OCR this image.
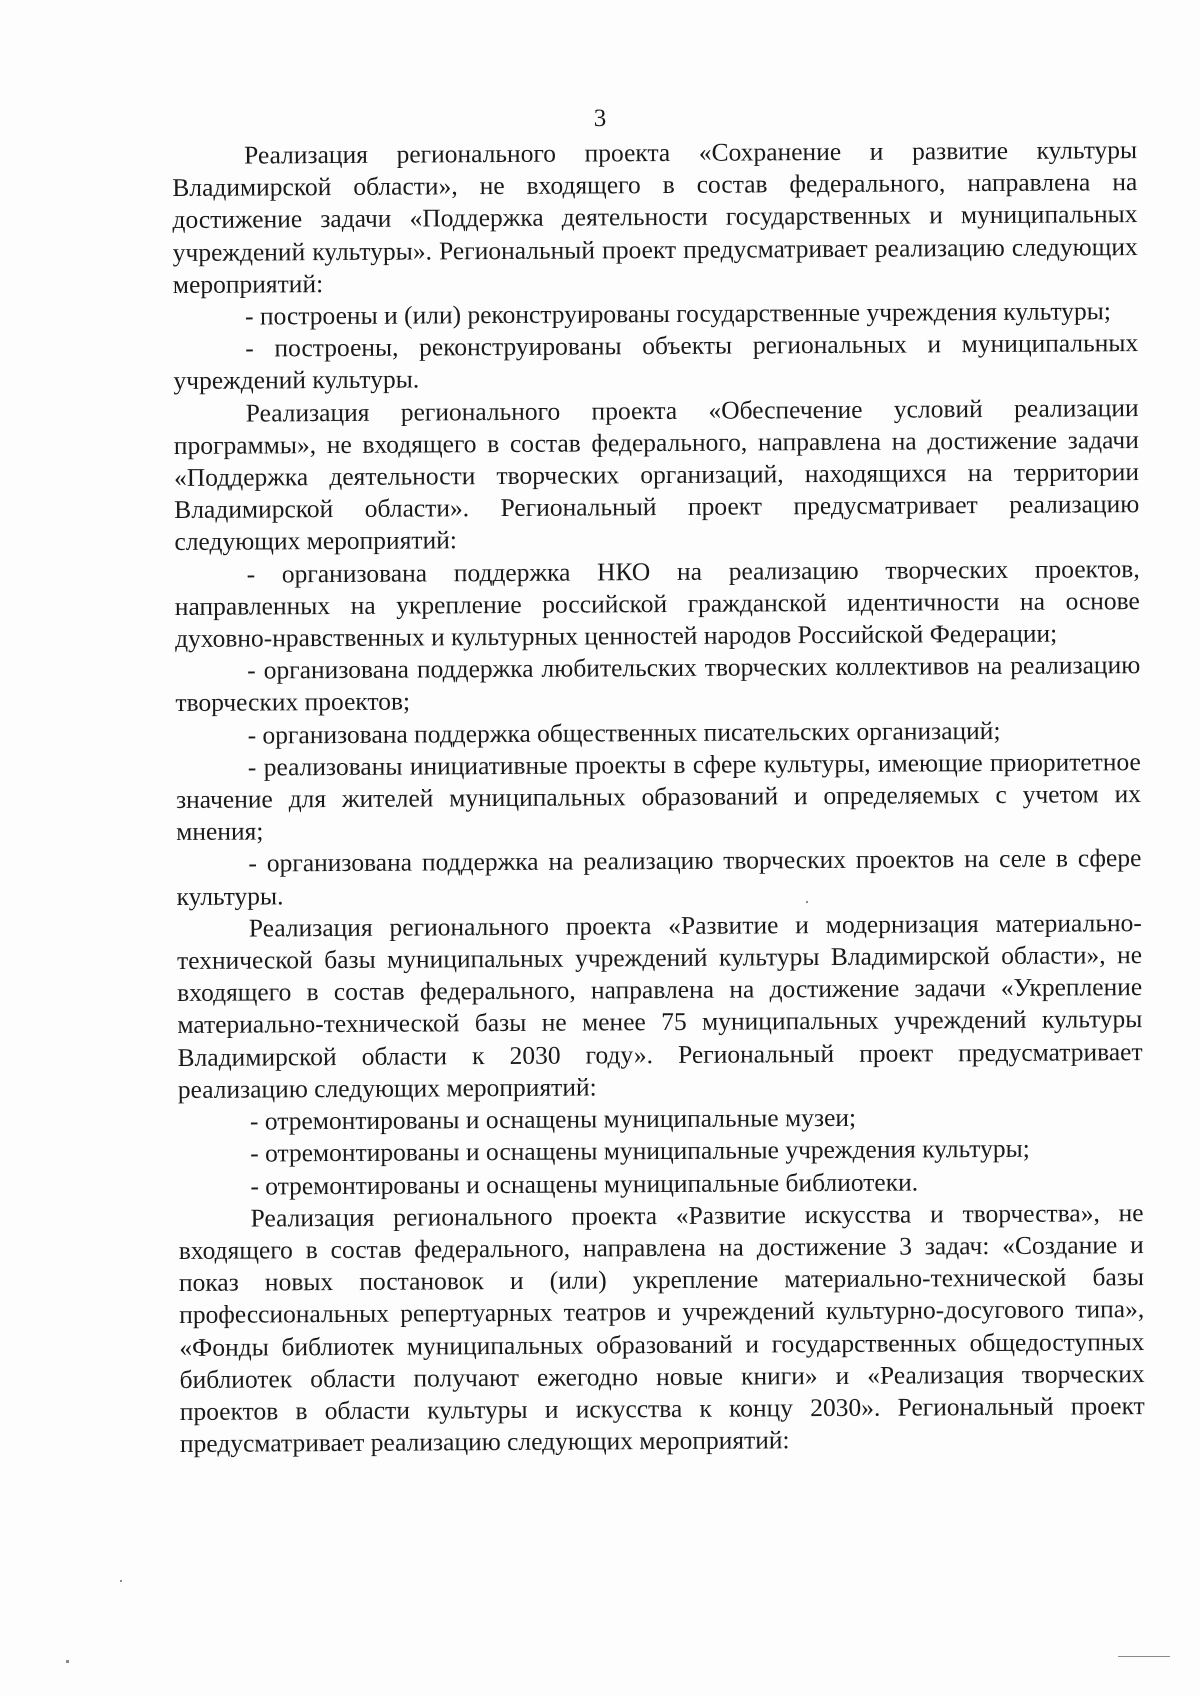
3

Реализация регионального проекта «Сохранение и развитие культуры Владимирской области», не входящего в состав федерального, направлена на достижение задачи «Поддержка деятельности государственных и муниципальных учреждений культуры». Региональный проект предусматривает реализацию следующих мероприятий:

- построены и (или) реконструированы государственные учреждения культуры;

- построены, реконструированы объекты региональных и муниципальных учреждений культуры.

Реализация регионального проекта «Обеспечение условий реализации программы», не входящего в состав федерального, направлена на достижение задачи «Поддержка деятельности творческих организаций, находящихся на территории Владимирской области». Региональный проект предусматривает реализацию следующих мероприятий:

- организована поддержка НКО на реализацию творческих проектов, направленных на укрепление российской гражданской идентичности на основе духовно-нравственных и культурных ценностей народов Российской Федерации;

- организована поддержка любительских творческих коллективов на реализацию творческих проектов;

- организована поддержка общественных писательских организаций;

- реализованы инициативные проекты в сфере культуры, имеющие приоритетное значение для жителей муниципальных образований и определяемых с учетом их мнения;

- организована поддержка на реализацию творческих проектов на селе в сфере культуры.

Реализация регионального проекта «Развитие и модернизация материально-технической базы муниципальных учреждений культуры Владимирской области», не входящего в состав федерального, направлена на достижение задачи «Укрепление материально-технической базы не менее 75 муниципальных учреждений культуры Владимирской области к 2030 году». Региональный проект предусматривает реализацию следующих мероприятий:

- отремонтированы и оснащены муниципальные музеи;

- отремонтированы и оснащены муниципальные учреждения культуры;

- отремонтированы и оснащены муниципальные библиотеки.

Реализация регионального проекта «Развитие искусства и творчества», не входящего в состав федерального, направлена на достижение 3 задач: «Создание и показ новых постановок и (или) укрепление материально-технической базы профессиональных репертуарных театров и учреждений культурно-досугового типа», «Фонды библиотек муниципальных образований и государственных общедоступных библиотек области получают ежегодно новые книги» и «Реализация творческих проектов в области культуры и искусства к концу 2030». Региональный проект предусматривает реализацию следующих мероприятий:
